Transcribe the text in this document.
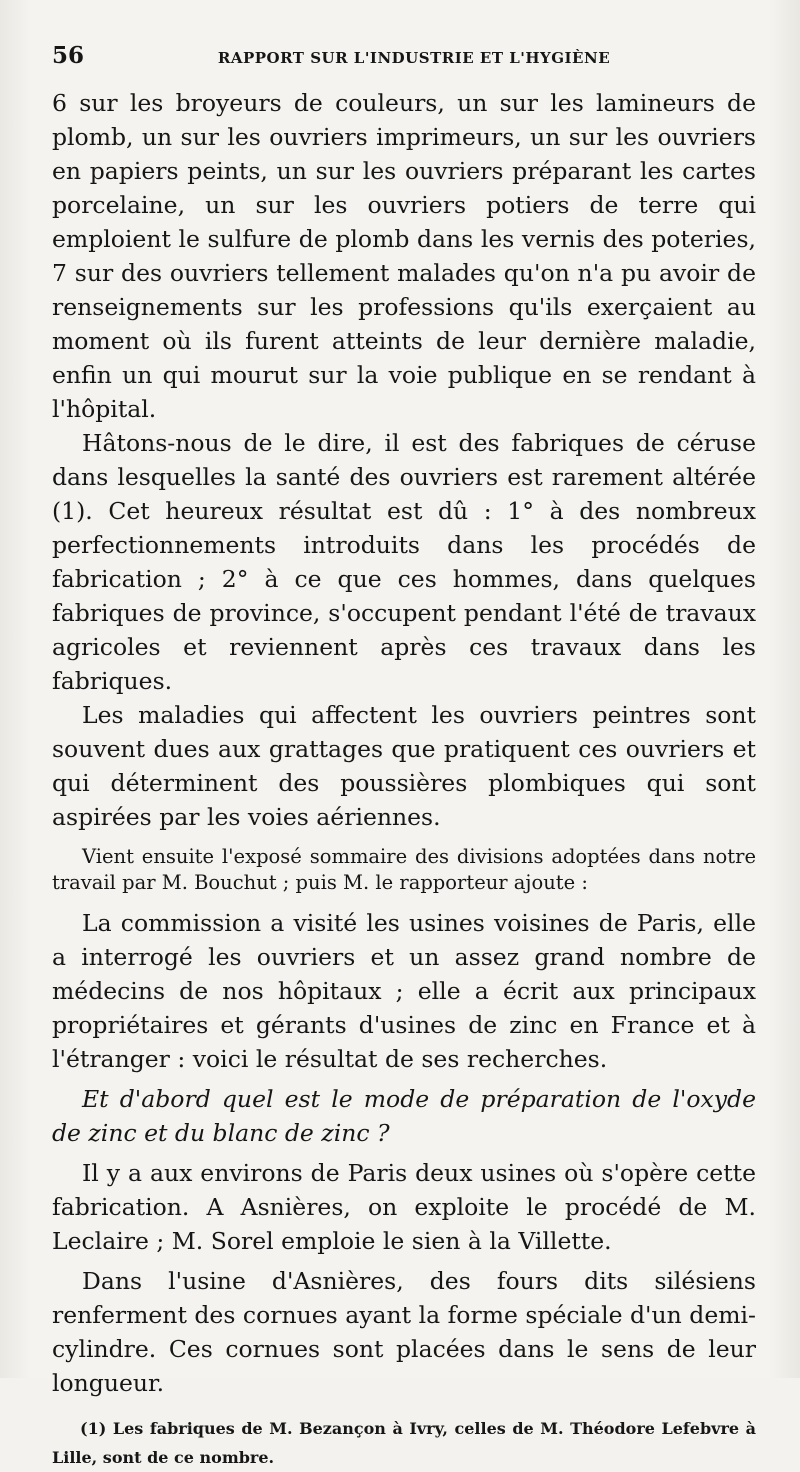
56	RAPPORT SUR L'INDUSTRIE ET L'HYGIÈNE

6 sur les broyeurs de couleurs, un sur les lamineurs de plomb, un sur les ouvriers imprimeurs, un sur les ouvriers en papiers peints, un sur les ouvriers préparant les cartes porcelaine, un sur les ouvriers potiers de terre qui emploient le sulfure de plomb dans les vernis des poteries, 7 sur des ouvriers tellement malades qu'on n'a pu avoir de renseignements sur les professions qu'ils exerçaient au moment où ils furent atteints de leur dernière maladie, enfin un qui mourut sur la voie publique en se rendant à l'hôpital.

Hâtons-nous de le dire, il est des fabriques de céruse dans lesquelles la santé des ouvriers est rarement altérée (1). Cet heureux résultat est dû : 1° à des nombreux perfectionnements introduits dans les procédés de fabrication ; 2° à ce que ces hommes, dans quelques fabriques de province, s'occupent pendant l'été de travaux agricoles et reviennent après ces travaux dans les fabriques.

Les maladies qui affectent les ouvriers peintres sont souvent dues aux grattages que pratiquent ces ouvriers et qui déterminent des poussières plombiques qui sont aspirées par les voies aériennes.

Vient ensuite l'exposé sommaire des divisions adoptées dans notre travail par M. Bouchut ; puis M. le rapporteur ajoute :

La commission a visité les usines voisines de Paris, elle a interrogé les ouvriers et un assez grand nombre de médecins de nos hôpitaux ; elle a écrit aux principaux propriétaires et gérants d'usines de zinc en France et à l'étranger : voici le résultat de ses recherches.

Et d'abord quel est le mode de préparation de l'oxyde de zinc et du blanc de zinc ?

Il y a aux environs de Paris deux usines où s'opère cette fabrication. A Asnières, on exploite le procédé de M. Leclaire ; M. Sorel emploie le sien à la Villette.

Dans l'usine d'Asnières, des fours dits silésiens renferment des cornues ayant la forme spéciale d'un demi-cylindre. Ces cornues sont placées dans le sens de leur longueur.

(1) Les fabriques de M. Bezançon à Ivry, celles de M. Théodore Lefebvre à Lille, sont de ce nombre.
